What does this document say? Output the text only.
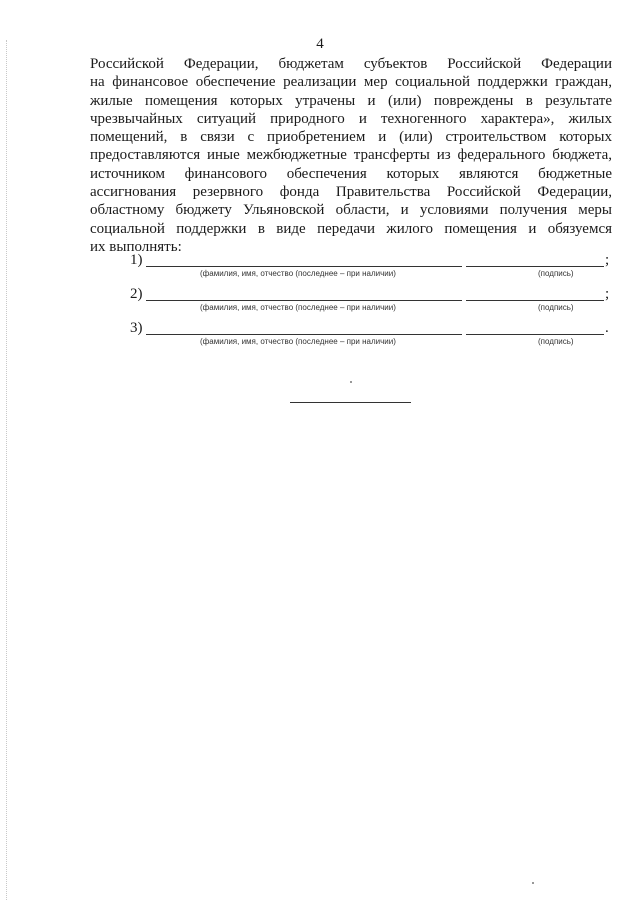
4
Российской Федерации, бюджетам субъектов Российской Федерации
на финансовое обеспечение реализации мер социальной поддержки граждан,
жилые помещения которых утрачены и (или) повреждены в результате
чрезвычайных ситуаций природного и техногенного характера», жилых
помещений, в связи с приобретением и (или) строительством которых
предоставляются иные межбюджетные трансферты из федерального бюджета,
источником финансового обеспечения которых являются бюджетные
ассигнования резервного фонда Правительства Российской Федерации,
областному бюджету Ульяновской области, и условиями получения меры
социальной поддержки в виде передачи жилого помещения и обязуемся
их выполнять:
1)	;
(фамилия, имя, отчество (последнее – при наличии)	(подпись)
2)	;
(фамилия, имя, отчество (последнее – при наличии)	(подпись)
3)	.
(фамилия, имя, отчество (последнее – при наличии)	(подпись)
